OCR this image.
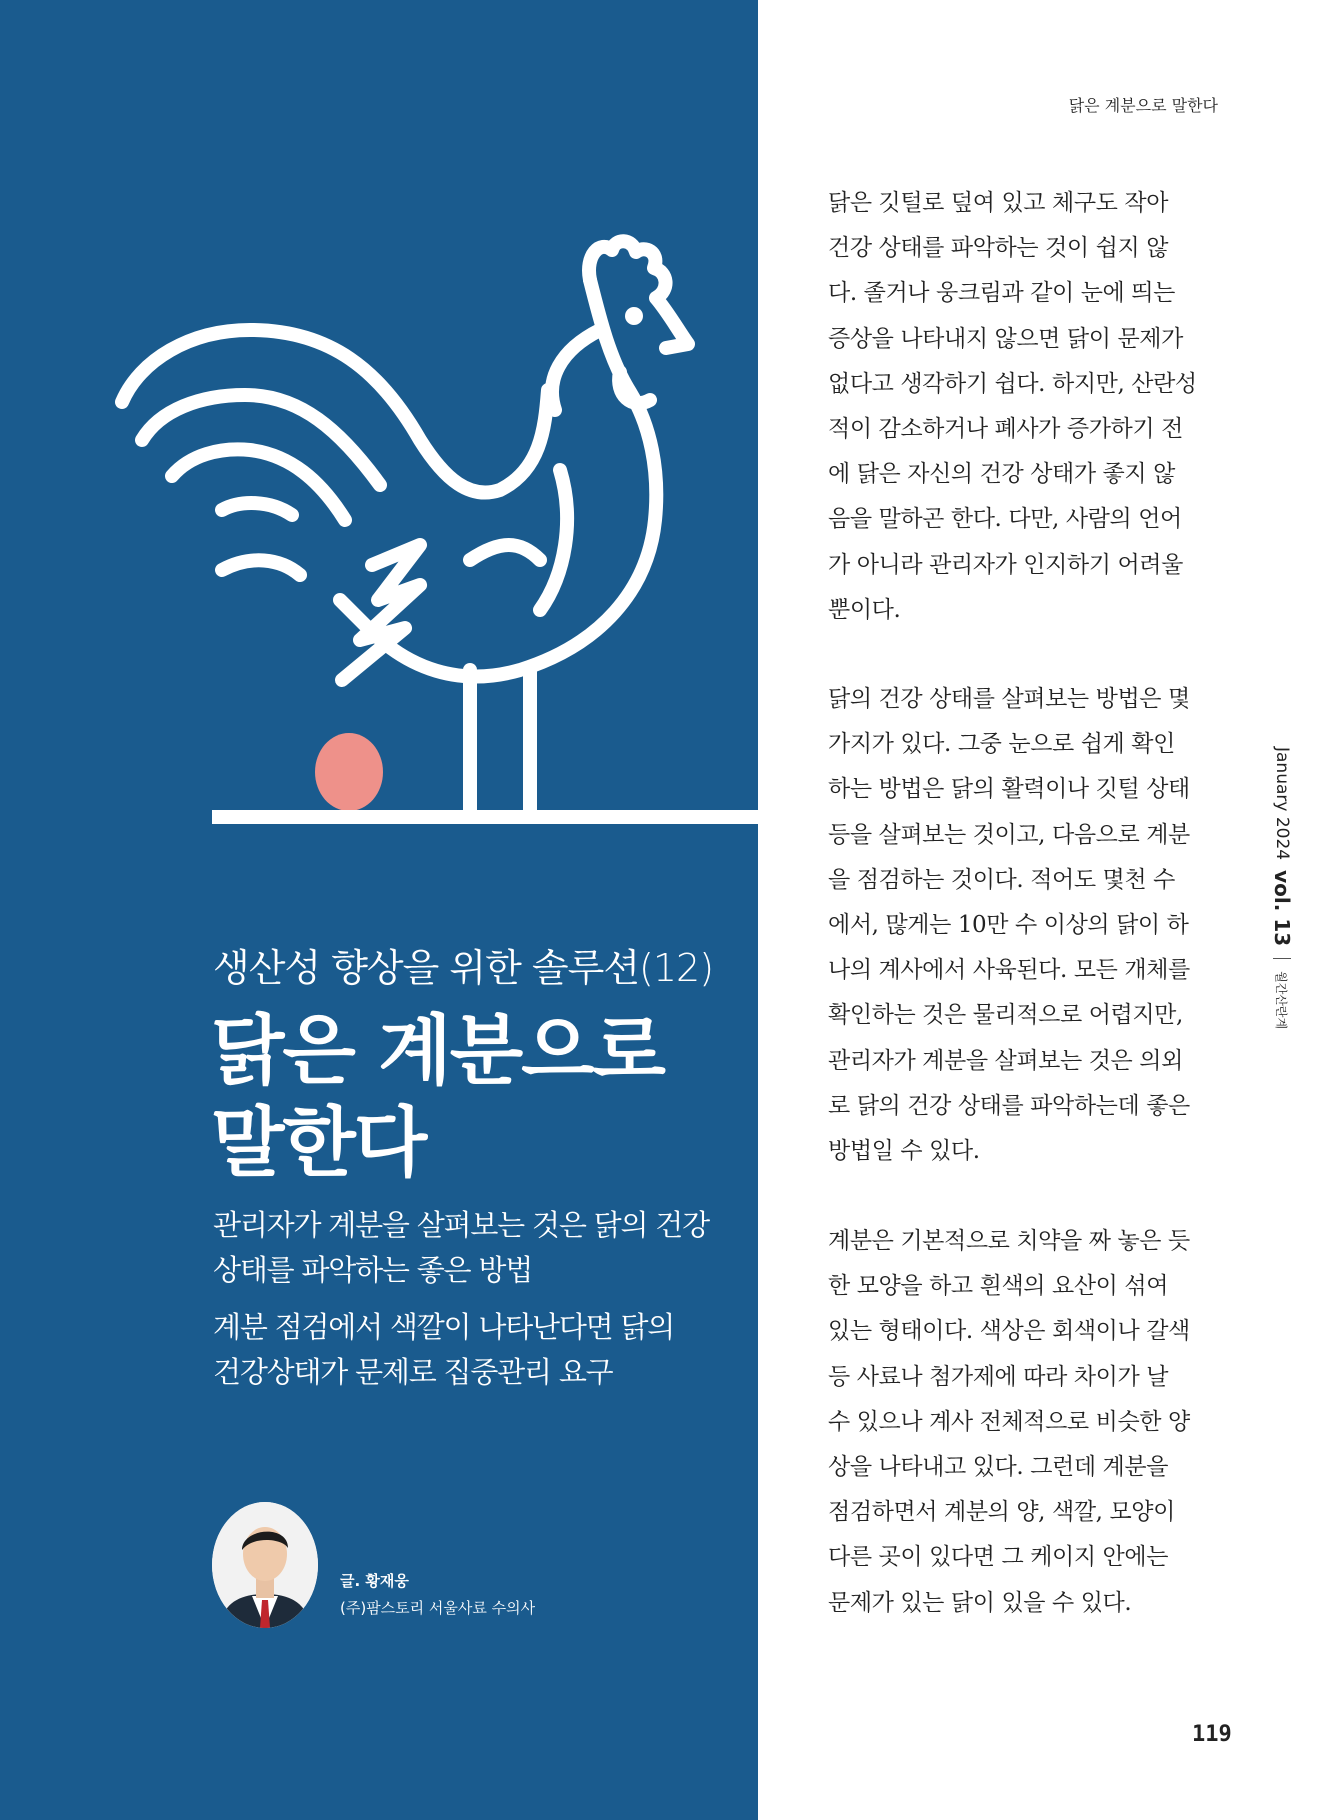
생산성 향상을 위한 솔루션(12)
닭은 계분으로
말한다
관리자가 계분을 살펴보는 것은 닭의 건강
상태를 파악하는 좋은 방법
계분 점검에서 색깔이 나타난다면 닭의
건강상태가 문제로 집중관리 요구
글. 황재웅
(주)팜스토리 서울사료 수의사
닭은 계분으로 말한다
닭은 깃털로 덮여 있고 체구도 작아
건강 상태를 파악하는 것이 쉽지 않
다. 졸거나 웅크림과 같이 눈에 띄는
증상을 나타내지 않으면 닭이 문제가
없다고 생각하기 쉽다. 하지만, 산란성
적이 감소하거나 폐사가 증가하기 전
에 닭은 자신의 건강 상태가 좋지 않
음을 말하곤 한다. 다만, 사람의 언어
가 아니라 관리자가 인지하기 어려울
뿐이다.
닭의 건강 상태를 살펴보는 방법은 몇
가지가 있다. 그중 눈으로 쉽게 확인
하는 방법은 닭의 활력이나 깃털 상태
등을 살펴보는 것이고, 다음으로 계분
을 점검하는 것이다. 적어도 몇천 수
에서, 많게는 10만 수 이상의 닭이 하
나의 계사에서 사육된다. 모든 개체를
확인하는 것은 물리적으로 어렵지만,
관리자가 계분을 살펴보는 것은 의외
로 닭의 건강 상태를 파악하는데 좋은
방법일 수 있다.
계분은 기본적으로 치약을 짜 놓은 듯
한 모양을 하고 흰색의 요산이 섞여
있는 형태이다. 색상은 회색이나 갈색
등 사료나 첨가제에 따라 차이가 날
수 있으나 계사 전체적으로 비슷한 양
상을 나타내고 있다. 그런데 계분을
점검하면서 계분의 양, 색깔, 모양이
다른 곳이 있다면 그 케이지 안에는
문제가 있는 닭이 있을 수 있다.
January 2024
vol. 13
월간산란계
119
